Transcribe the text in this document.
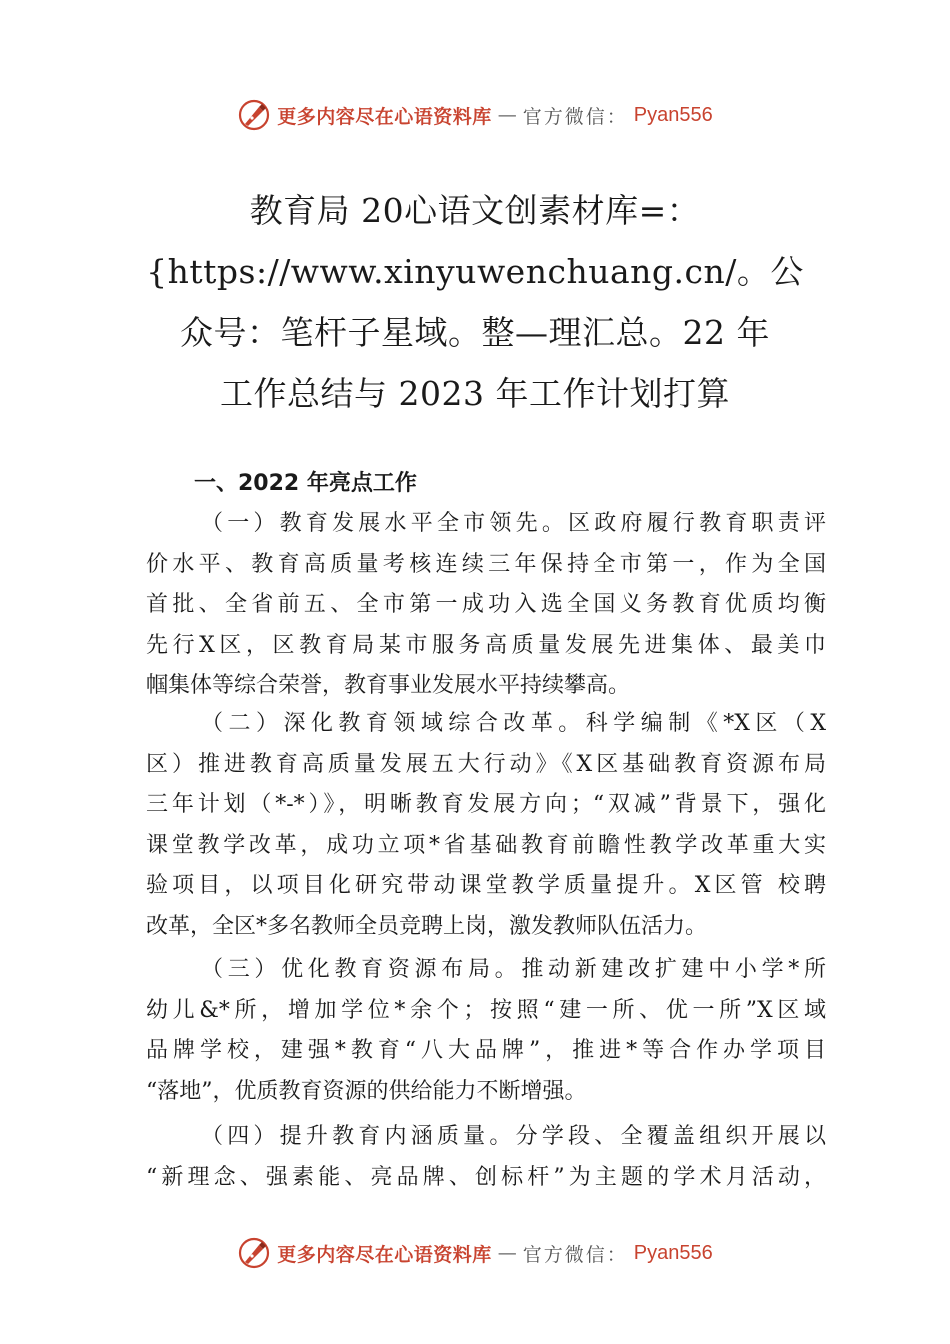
更多内容尽在心语资料库 — 官方微信： Pyan556
教育局 20心语文创素材库=：
{https://www.xinyuwenchuang.cn/。公
众号：笔杆子星域。整—理汇总。22 年
工作总结与 2023 年工作计划打算
一、2022 年亮点工作

（一）教育发展水平全市领先。区政府履行教育职责评
价水平、教育高质量考核连续三年保持全市第一，作为全国
首批、全省前五、全市第一成功入选全国义务教育优质均衡
先行X区，区教育局某市服务高质量发展先进集体、最美巾
帼集体等综合荣誉，教育事业发展水平持续攀高。

（二）深化教育领域综合改革。科学编制《*X区（X
区）推进教育高质量发展五大行动》《X区基础教育资源布局
三年计划（*-*）》，明晰教育发展方向；“双减”背景下，强化
课堂教学改革，成功立项*省基础教育前瞻性教学改革重大实
验项目，以项目化研究带动课堂教学质量提升。X区管 校聘
改革，全区*多名教师全员竞聘上岗，激发教师队伍活力。

（三）优化教育资源布局。推动新建改扩建中小学*所
幼儿&*所，增加学位*余个；按照“建一所、优一所”X区域
品牌学校，建强*教育“八大品牌”，推进*等合作办学项目
“落地”，优质教育资源的供给能力不断增强。

（四）提升教育内涵质量。分学段、全覆盖组织开展以
“新理念、强素能、亮品牌、创标杆”为主题的学术月活动，

更多内容尽在心语资料库 — 官方微信： Pyan556
